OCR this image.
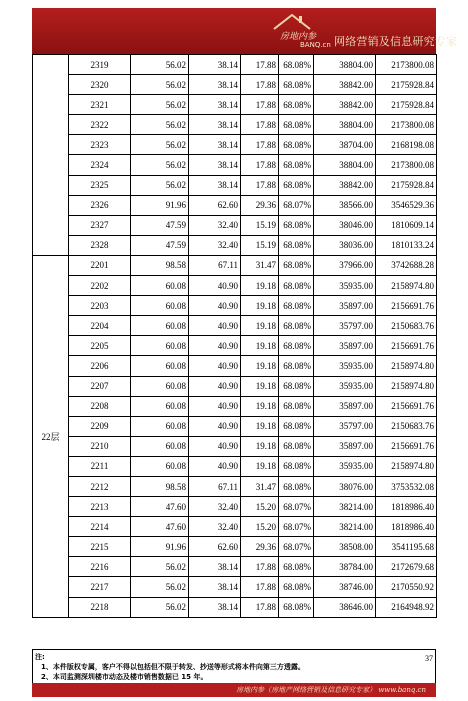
房地内参
BANQ.cn 网络营销及信息研究专家
	2319	56.02	38.14	17.88	68.08%	38804.00	2173800.08
	2320	56.02	38.14	17.88	68.08%	38842.00	2175928.84
	2321	56.02	38.14	17.88	68.08%	38842.00	2175928.84
	2322	56.02	38.14	17.88	68.08%	38804.00	2173800.08
	2323	56.02	38.14	17.88	68.08%	38704.00	2168198.08
	2324	56.02	38.14	17.88	68.08%	38804.00	2173800.08
	2325	56.02	38.14	17.88	68.08%	38842.00	2175928.84
	2326	91.96	62.60	29.36	68.07%	38566.00	3546529.36
	2327	47.59	32.40	15.19	68.08%	38046.00	1810609.14
	2328	47.59	32.40	15.19	68.08%	38036.00	1810133.24
22层	2201	98.58	67.11	31.47	68.08%	37966.00	3742688.28
	2202	60.08	40.90	19.18	68.08%	35935.00	2158974.80
	2203	60.08	40.90	19.18	68.08%	35897.00	2156691.76
	2204	60.08	40.90	19.18	68.08%	35797.00	2150683.76
	2205	60.08	40.90	19.18	68.08%	35897.00	2156691.76
	2206	60.08	40.90	19.18	68.08%	35935.00	2158974.80
	2207	60.08	40.90	19.18	68.08%	35935.00	2158974.80
	2208	60.08	40.90	19.18	68.08%	35897.00	2156691.76
	2209	60.08	40.90	19.18	68.08%	35797.00	2150683.76
	2210	60.08	40.90	19.18	68.08%	35897.00	2156691.76
	2211	60.08	40.90	19.18	68.08%	35935.00	2158974.80
	2212	98.58	67.11	31.47	68.08%	38076.00	3753532.08
	2213	47.60	32.40	15.20	68.07%	38214.00	1818986.40
	2214	47.60	32.40	15.20	68.07%	38214.00	1818986.40
	2215	91.96	62.60	29.36	68.07%	38508.00	3541195.68
	2216	56.02	38.14	17.88	68.08%	38784.00	2172679.68
	2217	56.02	38.14	17.88	68.08%	38746.00	2170550.92
	2218	56.02	38.14	17.88	68.08%	38646.00	2164948.92
注:
1、本件版权专属，客户不得以包括但不限于转发、抄送等形式将本件向第三方透露。
2、本司监测深圳楼市动态及楼市销售数据已 15 年。
37
房地内参（房地产网络营销及信息研究专家） www.banq.cn
